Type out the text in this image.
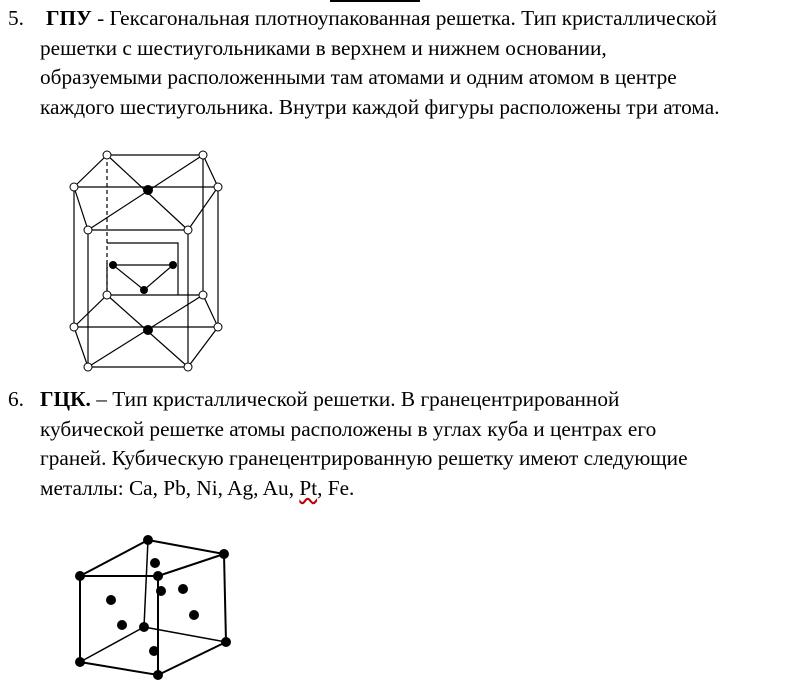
5. ГПУ - Гексагональная плотноупакованная решетка. Тип кристаллической
решетки с шестиугольниками в верхнем и нижнем основании,
образуемыми расположенными там атомами и одним атомом в центре
каждого шестиугольника. Внутри каждой фигуры расположены три атома.
6. ГЦК. – Тип кристаллической решетки. В гранецентрированной
кубической решетке атомы расположены в углах куба и центрах его
граней. Кубическую гранецентрированную решетку имеют следующие
металлы: Ca, Pb, Ni, Ag, Au, Pt, Fe.
